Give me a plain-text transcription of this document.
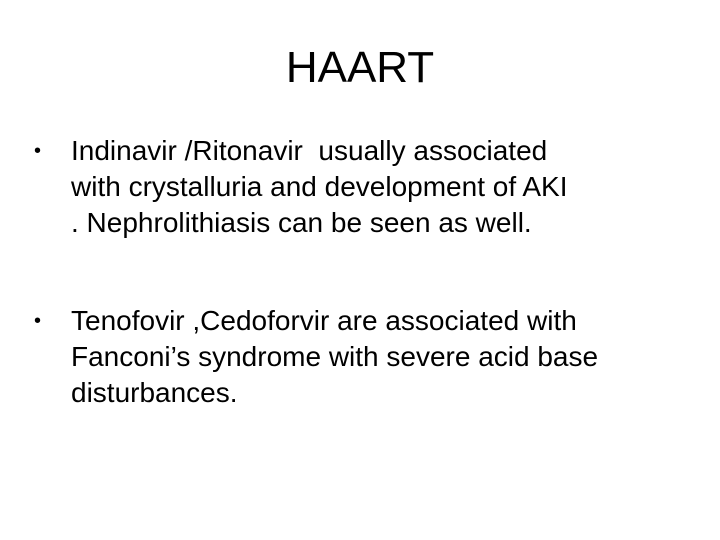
HAART
•	Indinavir /Ritonavir  usually associated
with crystalluria and development of AKI
. Nephrolithiasis can be seen as well.
•	Tenofovir ,Cedoforvir are associated with
Fanconi’s syndrome with severe acid base
disturbances.
